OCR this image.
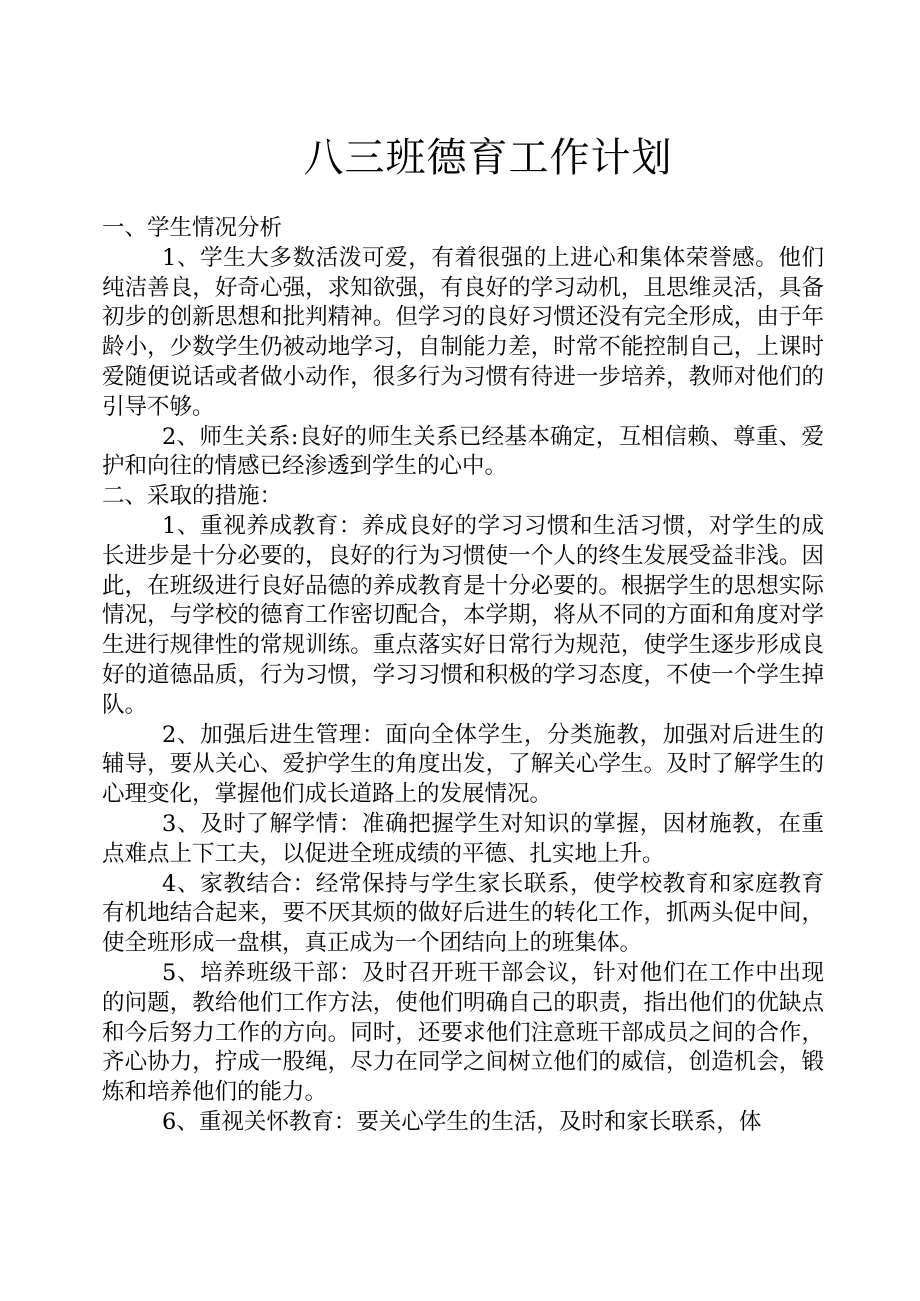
八三班德育工作计划

一、学生情况分析

1、学生大多数活泼可爱，有着很强的上进心和集体荣誉感。他们纯洁善良，好奇心强，求知欲强，有良好的学习动机，且思维灵活，具备初步的创新思想和批判精神。但学习的良好习惯还没有完全形成，由于年龄小，少数学生仍被动地学习，自制能力差，时常不能控制自己，上课时爱随便说话或者做小动作，很多行为习惯有待进一步培养，教师对他们的引导不够。

2、师生关系:良好的师生关系已经基本确定，互相信赖、尊重、爱护和向往的情感已经渗透到学生的心中。

二、采取的措施：

1、重视养成教育：养成良好的学习习惯和生活习惯，对学生的成长进步是十分必要的，良好的行为习惯使一个人的终生发展受益非浅。因此，在班级进行良好品德的养成教育是十分必要的。根据学生的思想实际情况，与学校的德育工作密切配合，本学期，将从不同的方面和角度对学生进行规律性的常规训练。重点落实好日常行为规范，使学生逐步形成良好的道德品质，行为习惯，学习习惯和积极的学习态度，不使一个学生掉队。

2、加强后进生管理：面向全体学生，分类施教，加强对后进生的辅导，要从关心、爱护学生的角度出发，了解关心学生。及时了解学生的心理变化，掌握他们成长道路上的发展情况。

3、及时了解学情：准确把握学生对知识的掌握，因材施教，在重点难点上下工夫，以促进全班成绩的平德、扎实地上升。

4、家教结合：经常保持与学生家长联系，使学校教育和家庭教育有机地结合起来，要不厌其烦的做好后进生的转化工作，抓两头促中间，使全班形成一盘棋，真正成为一个团结向上的班集体。

5、培养班级干部：及时召开班干部会议，针对他们在工作中出现的问题，教给他们工作方法，使他们明确自己的职责，指出他们的优缺点和今后努力工作的方向。同时，还要求他们注意班干部成员之间的合作，齐心协力，拧成一股绳，尽力在同学之间树立他们的威信，创造机会，锻炼和培养他们的能力。

6、重视关怀教育：要关心学生的生活，及时和家长联系，体
